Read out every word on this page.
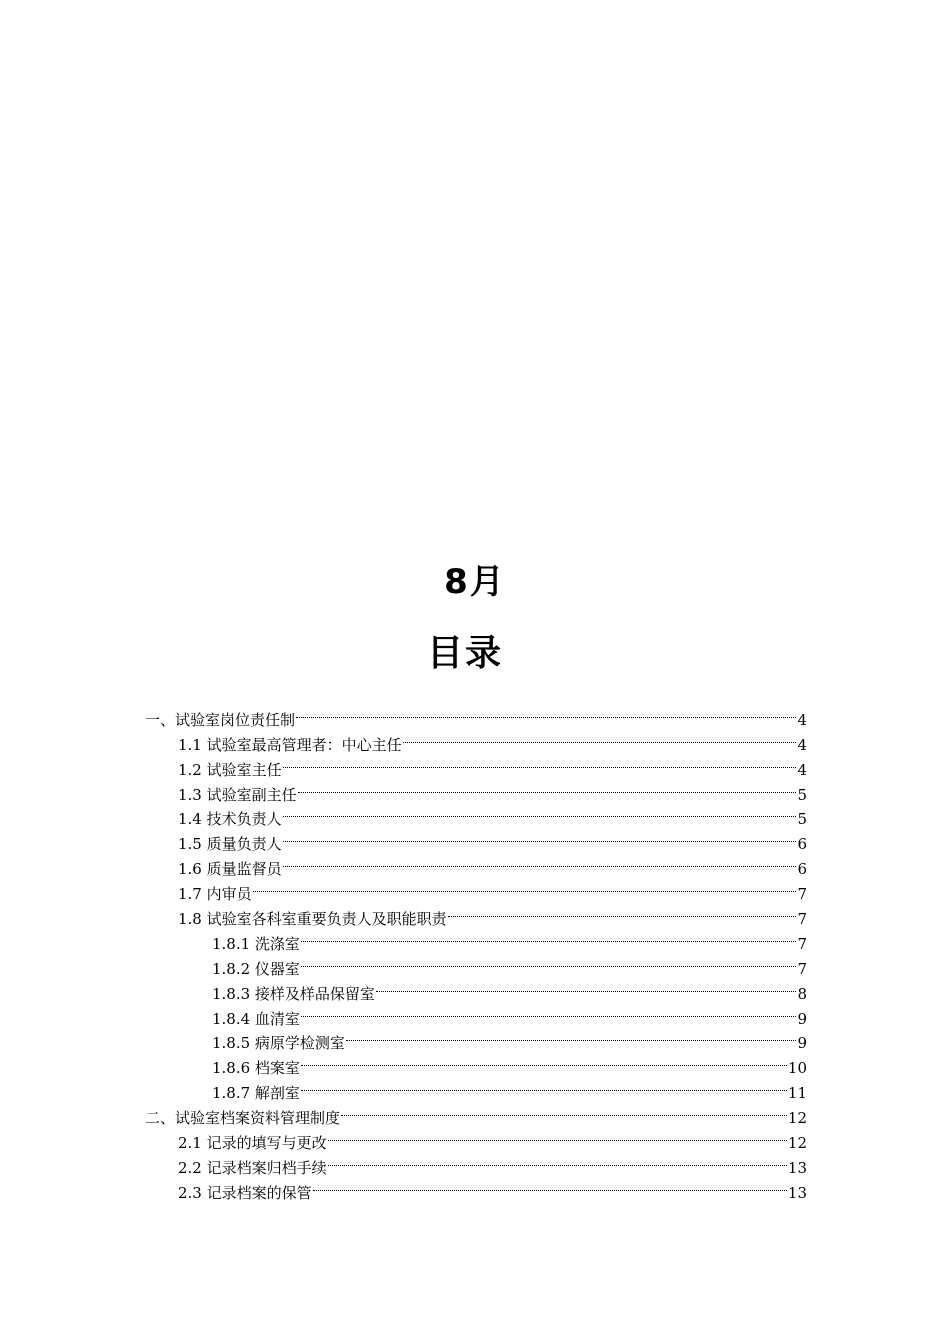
8月
目录
一、试验室岗位责任制	4
1.1 试验室最高管理者：中心主任	4
1.2 试验室主任	4
1.3 试验室副主任	5
1.4 技术负责人	5
1.5 质量负责人	6
1.6 质量监督员	6
1.7 内审员	7
1.8 试验室各科室重要负责人及职能职责	7
1.8.1 洗涤室	7
1.8.2 仪器室	7
1.8.3 接样及样品保留室	8
1.8.4 血清室	9
1.8.5 病原学检测室	9
1.8.6 档案室	10
1.8.7 解剖室	11
二、试验室档案资料管理制度	12
2.1 记录的填写与更改	12
2.2 记录档案归档手续	13
2.3 记录档案的保管	13
